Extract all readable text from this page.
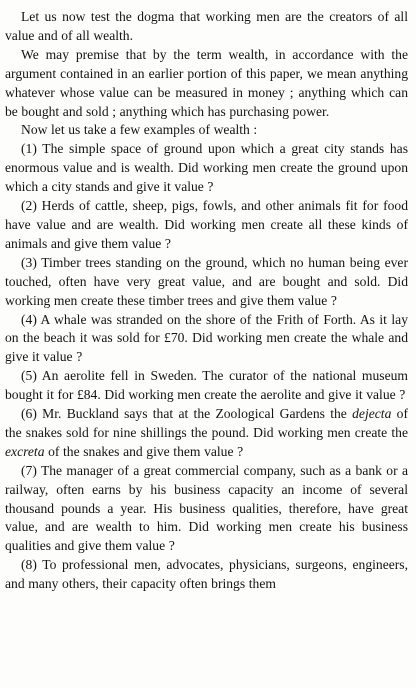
Let us now test the dogma that working men are the creators of all value and of all wealth.

We may premise that by the term wealth, in accordance with the argument contained in an earlier portion of this paper, we mean anything whatever whose value can be measured in money ; anything which can be bought and sold ; anything which has purchasing power.

Now let us take a few examples of wealth :

(1) The simple space of ground upon which a great city stands has enormous value and is wealth. Did working men create the ground upon which a city stands and give it value ?

(2) Herds of cattle, sheep, pigs, fowls, and other animals fit for food have value and are wealth. Did working men create all these kinds of animals and give them value ?

(3) Timber trees standing on the ground, which no human being ever touched, often have very great value, and are bought and sold. Did working men create these timber trees and give them value ?

(4) A whale was stranded on the shore of the Frith of Forth. As it lay on the beach it was sold for £70. Did working men create the whale and give it value ?

(5) An aerolite fell in Sweden. The curator of the national museum bought it for £84. Did working men create the aerolite and give it value ?

(6) Mr. Buckland says that at the Zoological Gardens the dejecta of the snakes sold for nine shillings the pound. Did working men create the excreta of the snakes and give them value ?

(7) The manager of a great commercial company, such as a bank or a railway, often earns by his business capacity an income of several thousand pounds a year. His business qualities, therefore, have great value, and are wealth to him. Did working men create his business qualities and give them value ?

(8) To professional men, advocates, physicians, surgeons, engineers, and many others, their capacity often brings them
